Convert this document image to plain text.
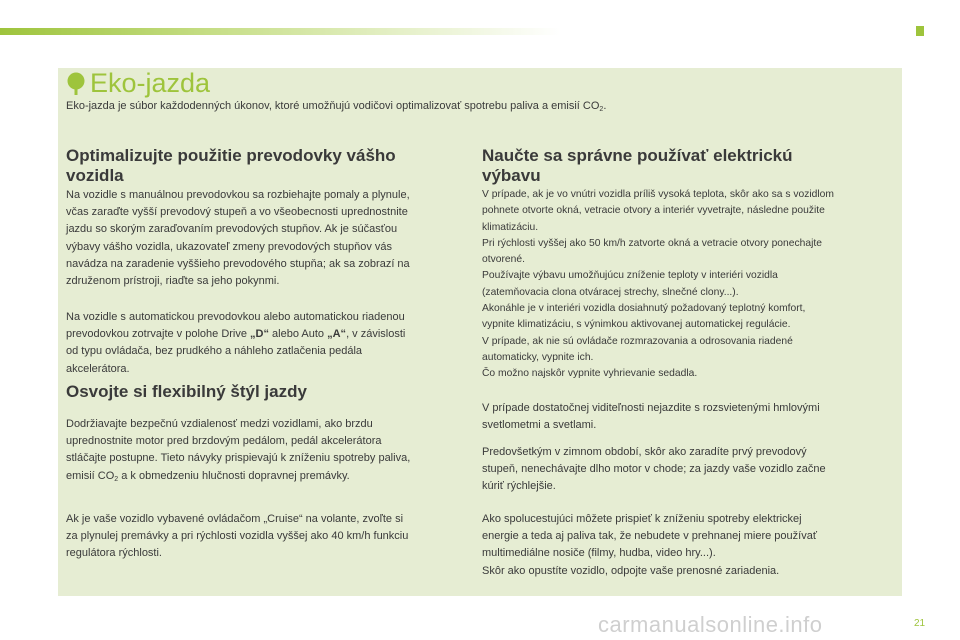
Eko-jazda

Eko-jazda je súbor každodenných úkonov, ktoré umožňujú vodičovi optimalizovať spotrebu paliva a emisií $CO_2$.

Optimalizujte použitie prevodovky vášho
vozidla

Na vozidle s manuálnou prevodovkou sa rozbiehajte pomaly a plynule,
včas zaraďte vyšší prevodový stupeň a vo všeobecnosti uprednostnite
jazdu so skorým zaraďovaním prevodových stupňov. Ak je súčasťou
výbavy vášho vozidla, ukazovateľ zmeny prevodových stupňov vás
navádza na zaradenie vyššieho prevodového stupňa; ak sa zobrazí na
združenom prístroji, riaďte sa jeho pokynmi.

Na vozidle s automatickou prevodovkou alebo automatickou riadenou
prevodovkou zotrvajte v polohe Drive „D“ alebo Auto „A“, v závislosti
od typu ovládača, bez prudkého a náhleho zatlačenia pedála
akcelerátora.

Osvojte si flexibilný štýl jazdy

Dodržiavajte bezpečnú vzdialenosť medzi vozidlami, ako brzdu
uprednostnite motor pred brzdovým pedálom, pedál akcelerátora
stláčajte postupne. Tieto návyky prispievajú k zníženiu spotreby paliva,
emisií $CO_2$ a k obmedzeniu hlučnosti dopravnej premávky.

Ak je vaše vozidlo vybavené ovládačom „Cruise“ na volante, zvoľte si
za plynulej premávky a pri rýchlosti vozidla vyššej ako 40 km/h funkciu
regulátora rýchlosti.

Naučte sa správne používať elektrickú
výbavu

V prípade, ak je vo vnútri vozidla príliš vysoká teplota, skôr ako sa s vozidlom
pohnete otvorte okná, vetracie otvory a interiér vyvetrajte, následne použite
klimatizáciu.
Pri rýchlosti vyššej ako 50 km/h zatvorte okná a vetracie otvory ponechajte
otvorené.
Používajte výbavu umožňujúcu zníženie teploty v interiéri vozidla
(zatemňovacia clona otváracej strechy, slnečné clony...).
Akonáhle je v interiéri vozidla dosiahnutý požadovaný teplotný komfort,
vypnite klimatizáciu, s výnimkou aktivovanej automatickej regulácie.
V prípade, ak nie sú ovládače rozmrazovania a odrosovania riadené
automaticky, vypnite ich.
Čo možno najskôr vypnite vyhrievanie sedadla.

V prípade dostatočnej viditeľnosti nejazdite s rozsvietenými hmlovými
svetlometmi a svetlami.

Predovšetkým v zimnom období, skôr ako zaradíte prvý prevodový
stupeň, nenechávajte dlho motor v chode; za jazdy vaše vozidlo začne
kúriť rýchlejšie.

Ako spolucestujúci môžete prispieť k zníženiu spotreby elektrickej
energie a teda aj paliva tak, že nebudete v prehnanej miere používať
multimediálne nosiče (filmy, hudba, video hry...).
Skôr ako opustíte vozidlo, odpojte vaše prenosné zariadenia.

carmanualsonline.info	21
